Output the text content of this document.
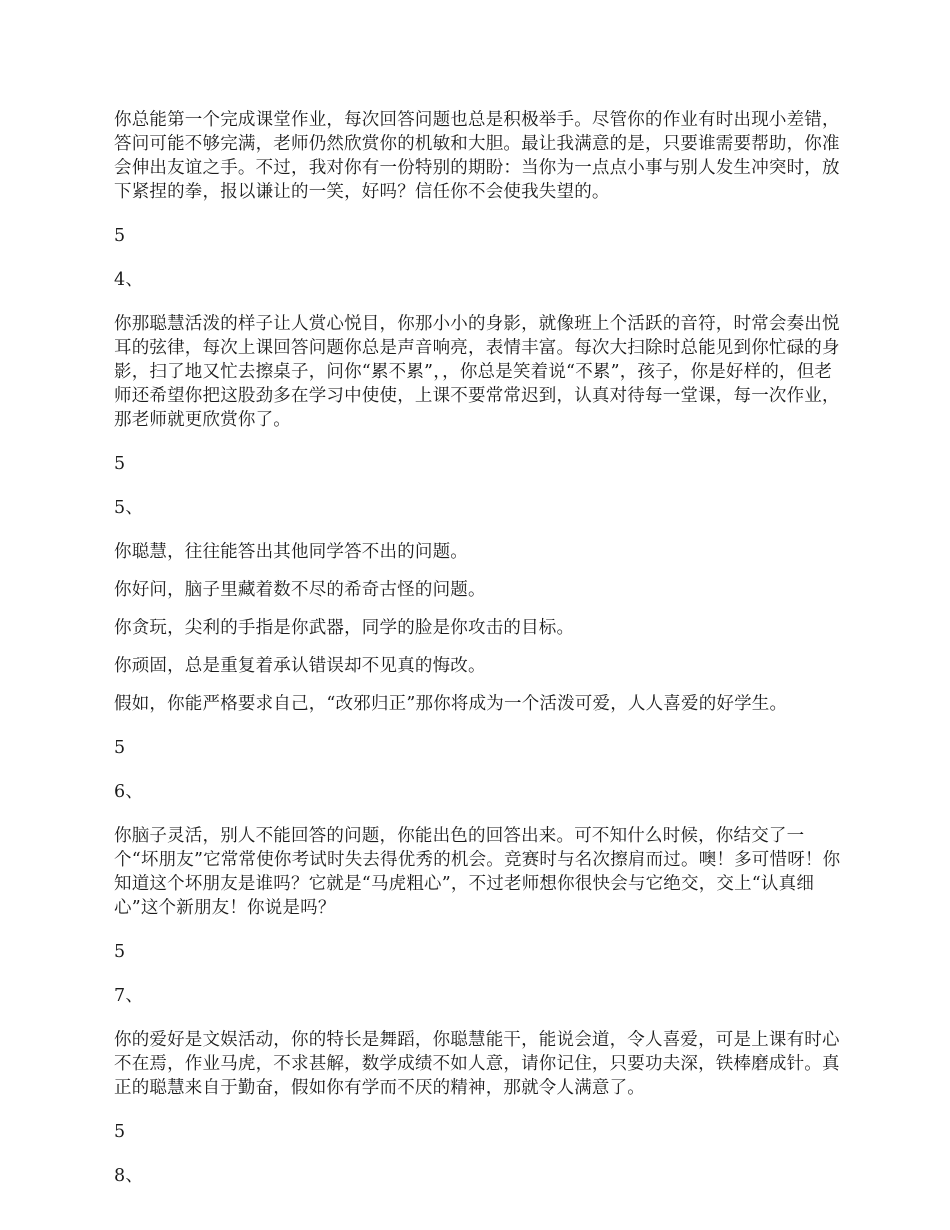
你总能第一个完成课堂作业，每次回答问题也总是积极举手。尽管你的作业有时出现小差错，答问可能不够完满，老师仍然欣赏你的机敏和大胆。最让我满意的是，只要谁需要帮助，你准会伸出友谊之手。不过，我对你有一份特别的期盼：当你为一点点小事与别人发生冲突时，放下紧捏的拳，报以谦让的一笑，好吗？信任你不会使我失望的。

5

4、

你那聪慧活泼的样子让人赏心悦目，你那小小的身影，就像班上个活跃的音符，时常会奏出悦耳的弦律，每次上课回答问题你总是声音响亮，表情丰富。每次大扫除时总能见到你忙碌的身影，扫了地又忙去擦桌子，问你“累不累”，，你总是笑着说“不累”，孩子，你是好样的，但老师还希望你把这股劲多在学习中使使，上课不要常常迟到，认真对待每一堂课，每一次作业，那老师就更欣赏你了。

5

5、

你聪慧，往往能答出其他同学答不出的问题。

你好问，脑子里藏着数不尽的希奇古怪的问题。

你贪玩，尖利的手指是你武器，同学的脸是你攻击的目标。

你顽固，总是重复着承认错误却不见真的悔改。

假如，你能严格要求自己，“改邪归正”那你将成为一个活泼可爱，人人喜爱的好学生。

5

6、

你脑子灵活，别人不能回答的问题，你能出色的回答出来。可不知什么时候，你结交了一个“坏朋友”它常常使你考试时失去得优秀的机会。竞赛时与名次擦肩而过。噢！多可惜呀！你知道这个坏朋友是谁吗？它就是“马虎粗心”，不过老师想你很快会与它绝交，交上“认真细心”这个新朋友！你说是吗？

5

7、

你的爱好是文娱活动，你的特长是舞蹈，你聪慧能干，能说会道，令人喜爱，可是上课有时心不在焉，作业马虎，不求甚解，数学成绩不如人意，请你记住，只要功夫深，铁棒磨成针。真正的聪慧来自于勤奋，假如你有学而不厌的精神，那就令人满意了。

5

8、
